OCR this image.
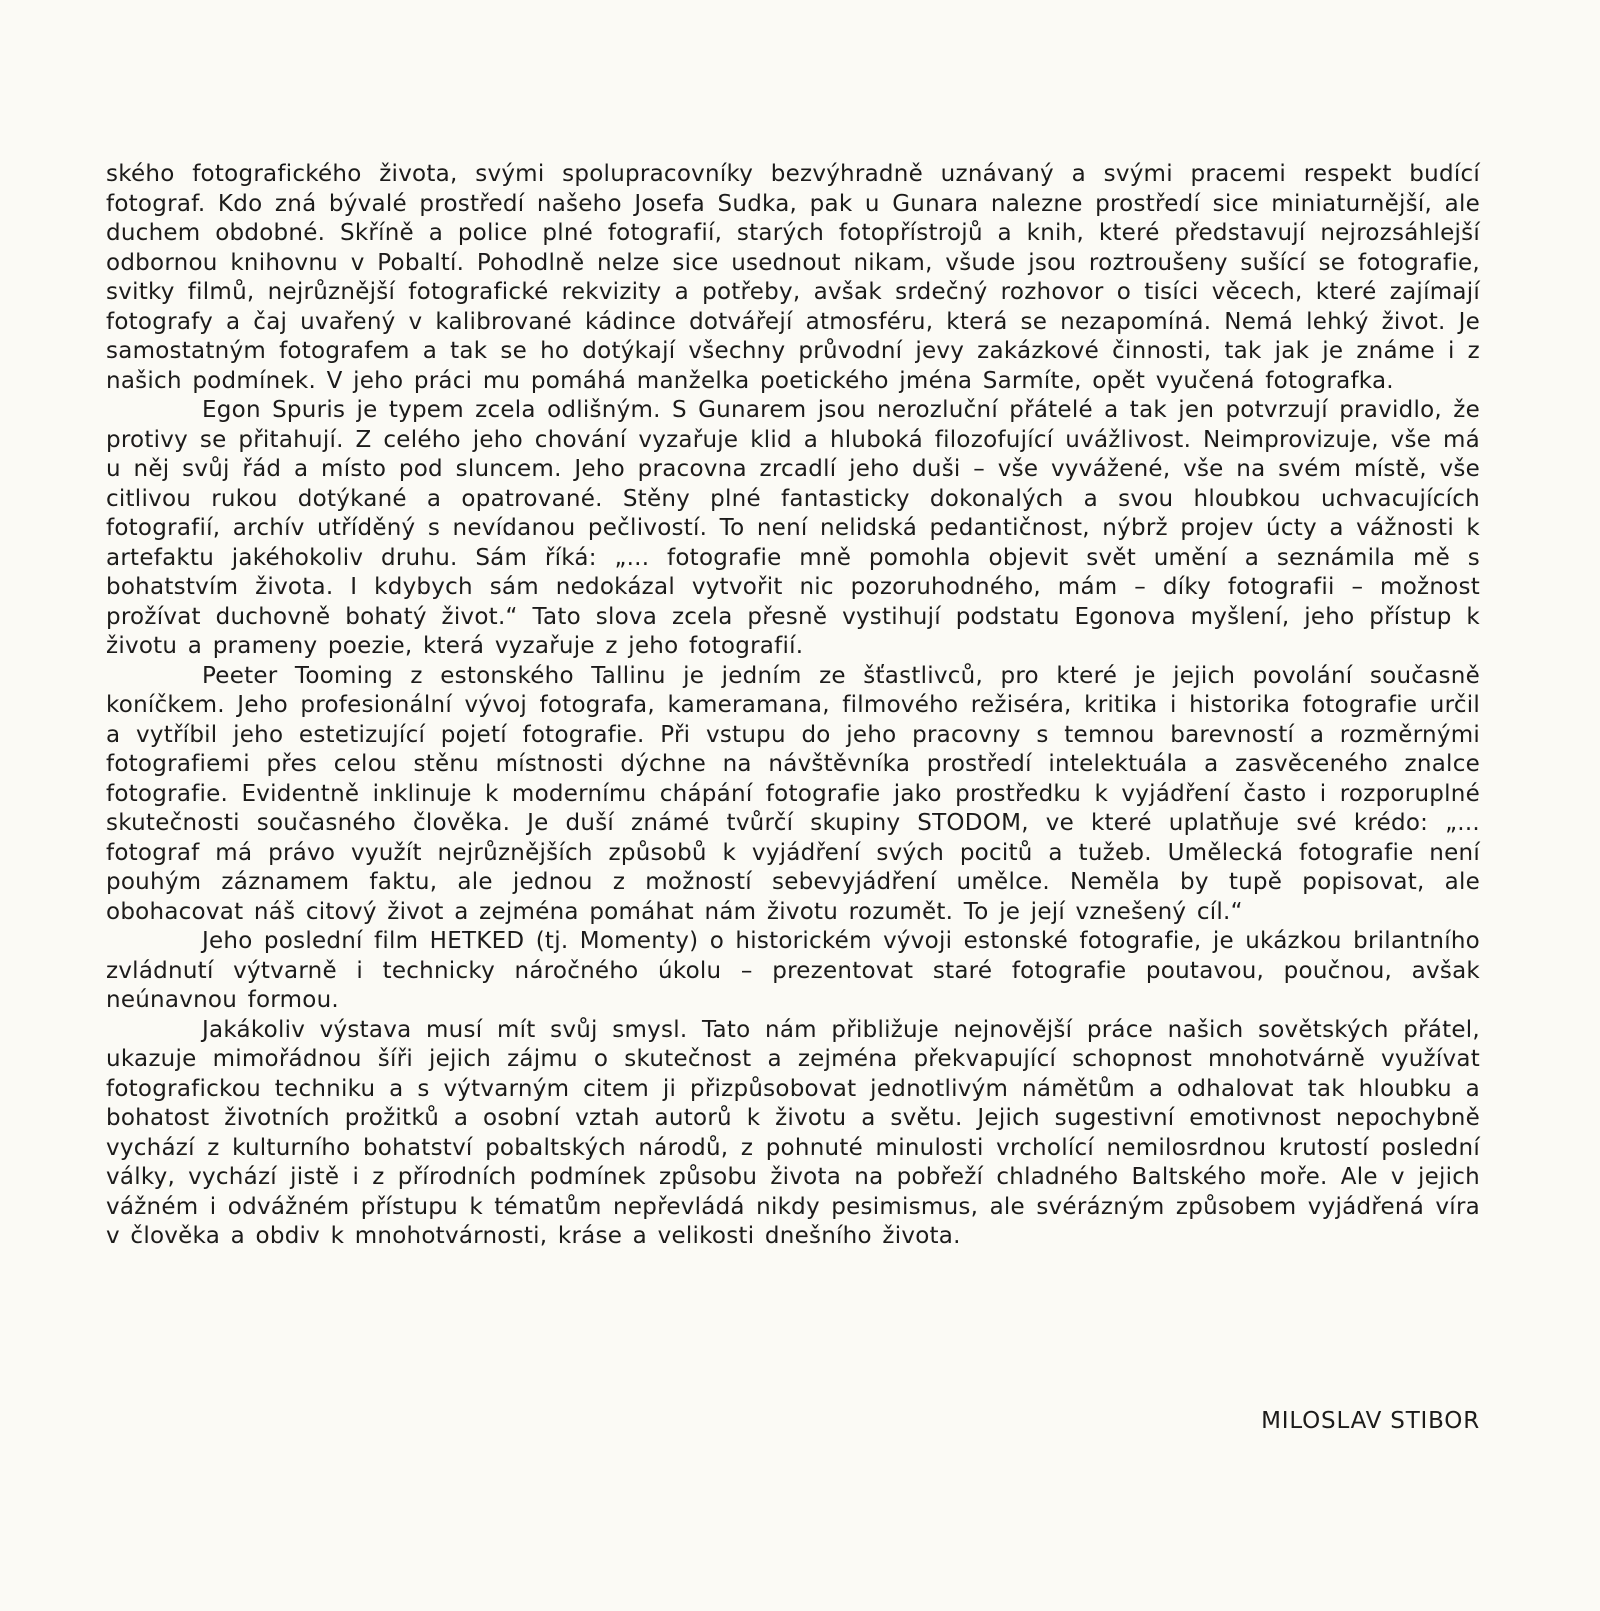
ského fotografického života, svými spolupracovníky bezvýhradně uznávaný a svými pracemi respekt budící fotograf. Kdo zná bývalé prostředí našeho Josefa Sudka, pak u Gunara nalezne prostředí sice miniaturnější, ale duchem obdobné. Skříně a police plné fotografií, starých fotopřístrojů a knih, které představují nejrozsáhlejší odbornou knihovnu v Pobaltí. Pohodlně nelze sice usednout nikam, všude jsou roztroušeny sušící se fotografie, svitky filmů, nejrůznější fotografické rekvizity a potřeby, avšak srdečný rozhovor o tisíci věcech, které zajímají fotografy a čaj uvařený v kalibrované kádince dotvářejí atmosféru, která se nezapomíná. Nemá lehký život. Je samostatným fotografem a tak se ho dotýkají všechny průvodní jevy zakázkové činnosti, tak jak je známe i z našich podmínek. V jeho práci mu pomáhá manželka poetického jména Sarmíte, opět vyučená fotografka.

Egon Spuris je typem zcela odlišným. S Gunarem jsou nerozluční přátelé a tak jen potvrzují pravidlo, že protivy se přitahují. Z celého jeho chování vyzařuje klid a hluboká filozofující uvážlivost. Neimprovizuje, vše má u něj svůj řád a místo pod sluncem. Jeho pracovna zrcadlí jeho duši – vše vyvážené, vše na svém místě, vše citlivou rukou dotýkané a opatrované. Stěny plné fantasticky dokonalých a svou hloubkou uchvacujících fotografií, archív utříděný s nevídanou pečlivostí. To není nelidská pedantičnost, nýbrž projev úcty a vážnosti k artefaktu jakéhokoliv druhu. Sám říká: „... fotografie mně pomohla objevit svět umění a seznámila mě s bohatstvím života. I kdybych sám nedokázal vytvořit nic pozoruhodného, mám – díky fotografii – možnost prožívat duchovně bohatý život.“ Tato slova zcela přesně vystihují podstatu Egonova myšlení, jeho přístup k životu a prameny poezie, která vyzařuje z jeho fotografií.

Peeter Tooming z estonského Tallinu je jedním ze šťastlivců, pro které je jejich povolání současně koníčkem. Jeho profesionální vývoj fotografa, kameramana, filmového režiséra, kritika i historika fotografie určil a vytříbil jeho estetizující pojetí fotografie. Při vstupu do jeho pracovny s temnou barevností a rozměrnými fotografiemi přes celou stěnu místnosti dýchne na návštěvníka prostředí intelektuála a zasvěceného znalce fotografie. Evidentně inklinuje k modernímu chápání fotografie jako prostředku k vyjádření často i rozporuplné skutečnosti současného člověka. Je duší známé tvůrčí skupiny STODOM, ve které uplatňuje své krédo: „... fotograf má právo využít nejrůznějších způsobů k vyjádření svých pocitů a tužeb. Umělecká fotografie není pouhým záznamem faktu, ale jednou z možností sebevyjádření umělce. Neměla by tupě popisovat, ale obohacovat náš citový život a zejména pomáhat nám životu rozumět. To je její vznešený cíl.“

Jeho poslední film HETKED (tj. Momenty) o historickém vývoji estonské fotografie, je ukázkou brilantního zvládnutí výtvarně i technicky náročného úkolu – prezentovat staré fotografie poutavou, poučnou, avšak neúnavnou formou.

Jakákoliv výstava musí mít svůj smysl. Tato nám přibližuje nejnovější práce našich sovětských přátel, ukazuje mimořádnou šíři jejich zájmu o skutečnost a zejména překvapující schopnost mnohotvárně využívat fotografickou techniku a s výtvarným citem ji přizpůsobovat jednotlivým námětům a odhalovat tak hloubku a bohatost životních prožitků a osobní vztah autorů k životu a světu. Jejich sugestivní emotivnost nepochybně vychází z kulturního bohatství pobaltských národů, z pohnuté minulosti vrcholící nemilosrdnou krutostí poslední války, vychází jistě i z přírodních podmínek způsobu života na pobřeží chladného Baltského moře. Ale v jejich vážném i odvážném přístupu k tématům nepřevládá nikdy pesimismus, ale svérázným způsobem vyjádřená víra v člověka a obdiv k mnohotvárnosti, kráse a velikosti dnešního života.

MILOSLAV STIBOR
